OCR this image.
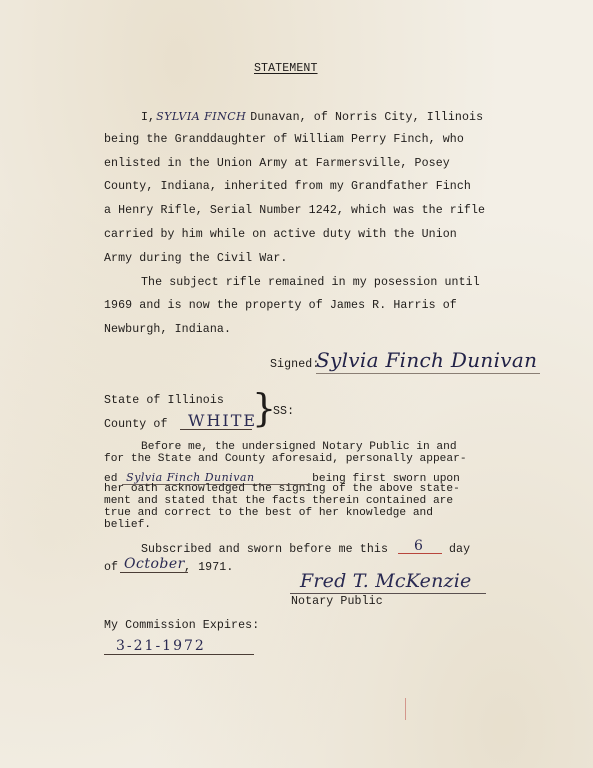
STATEMENT
I,SYLVIA FINCH Dunavan, of Norris City, Illinois
being the Granddaughter of William Perry Finch, who
enlisted in the Union Army at Farmersville, Posey
County, Indiana, inherited from my Grandfather Finch
a Henry Rifle, Serial Number 1242, which was the rifle
carried by him while on active duty with the Union
Army during the Civil War.
The subject rifle remained in my posession until
1969 and is now the property of James R. Harris of
Newburgh, Indiana.
Signed:
Sylvia Finch Dunivan
State of Illinois
County of WHITE
}
SS:
Before me, the undersigned Notary Public in and
for the State and County aforesaid, personally appear-
ed Sylvia Finch Dunivan	being first sworn upon
her oath acknowledged the signing of the above state-
ment and stated that the facts therein contained are
true and correct to the best of her knowledge and
belief.
Subscribed and sworn before me this 6 day
of October , 1971.
Fred T. McKenzie
Notary Public
My Commission Expires:
3-21-1972
